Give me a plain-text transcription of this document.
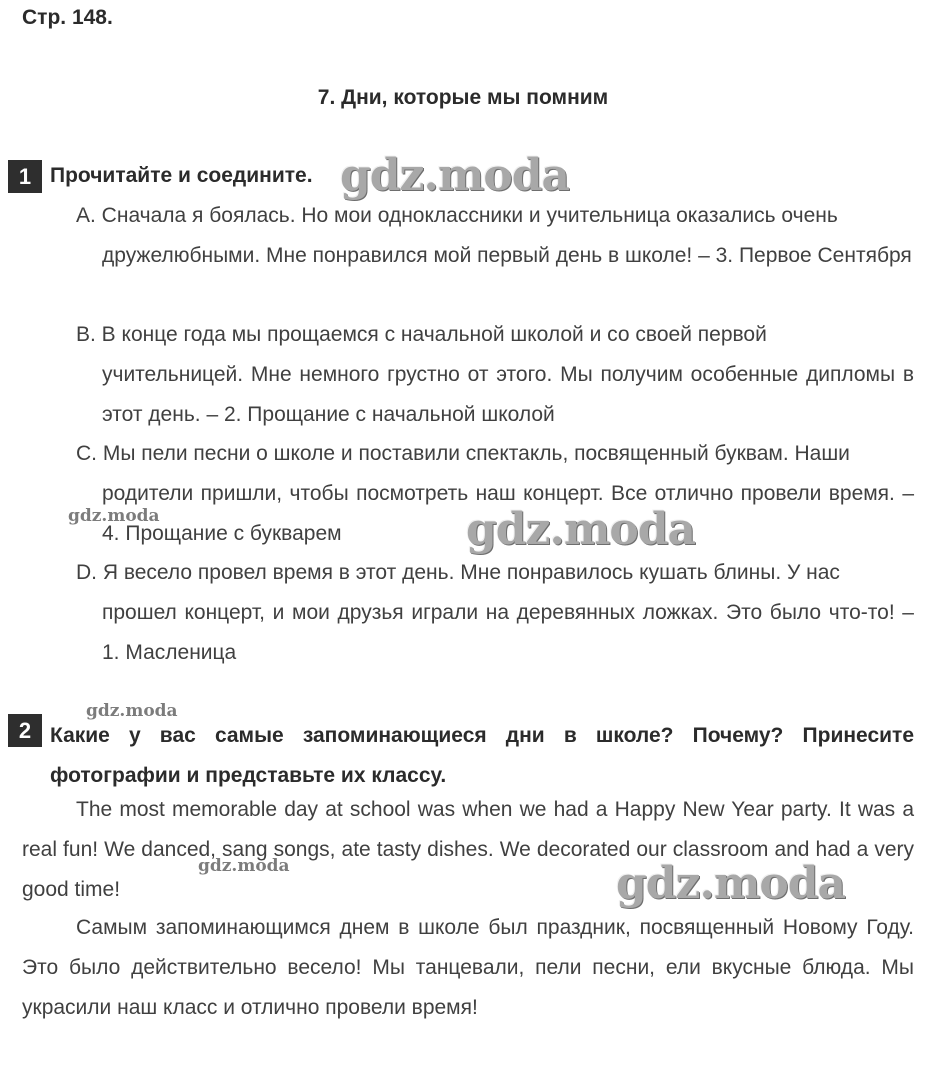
Стр. 148.
7. Дни, которые мы помним
1 Прочитайте и соедините.
A. Сначала я боялась. Но мои одноклассники и учительница оказались очень
дружелюбными. Мне понравился мой первый день в школе! – 3. Первое Сентября
B. В конце года мы прощаемся с начальной школой и со своей первой
учительницей. Мне немного грустно от этого. Мы получим особенные дипломы в этот день. – 2. Прощание с начальной школой
C. Мы пели песни о школе и поставили спектакль, посвященный буквам. Наши
родители пришли, чтобы посмотреть наш концерт. Все отлично провели время. – 4. Прощание с букварем
D. Я весело провел время в этот день. Мне понравилось кушать блины. У нас
прошел концерт, и мои друзья играли на деревянных ложках. Это было что-то! – 1. Масленица
2 Какие у вас самые запоминающиеся дни в школе? Почему? Принесите фотографии и представьте их классу.
The most memorable day at school was when we had a Happy New Year party. It was a real fun! We danced, sang songs, ate tasty dishes. We decorated our classroom and had a very good time!
Самым запоминающимся днем в школе был праздник, посвященный Новому Году. Это было действительно весело! Мы танцевали, пели песни, ели вкусные блюда. Мы украсили наш класс и отлично провели время!
gdz.moda
gdz.moda	gdz.moda
gdz.moda
gdz.moda	gdz.moda
